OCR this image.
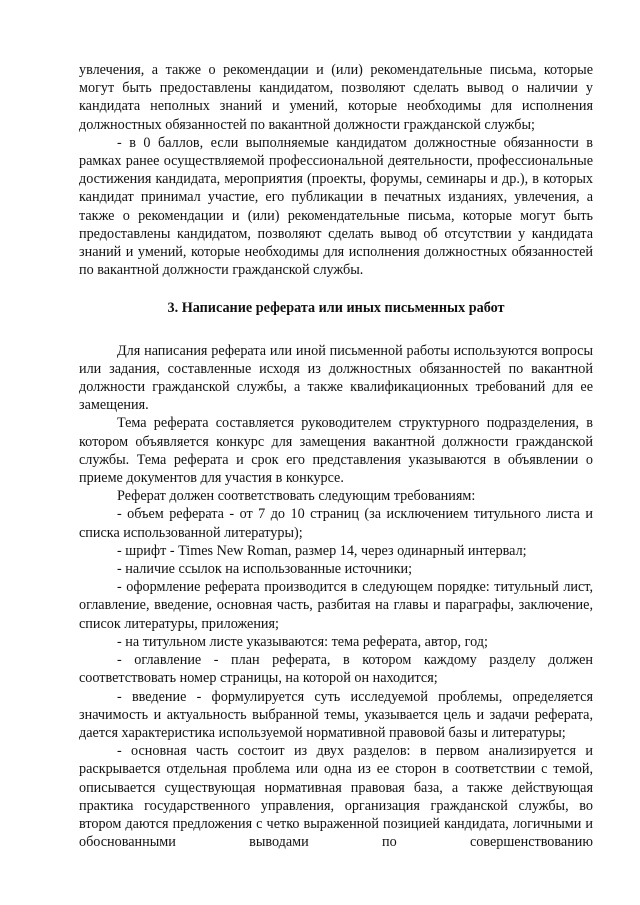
увлечения, а также о рекомендации и (или) рекомендательные письма, которые могут быть предоставлены кандидатом, позволяют сделать вывод о наличии у кандидата неполных знаний и умений, которые необходимы для исполнения должностных обязанностей по вакантной должности гражданской службы;

- в 0 баллов, если выполняемые кандидатом должностные обязанности в рамках ранее осуществляемой профессиональной деятельности, профессиональные достижения кандидата, мероприятия (проекты, форумы, семинары и др.), в которых кандидат принимал участие, его публикации в печатных изданиях, увлечения, а также о рекомендации и (или) рекомендательные письма, которые могут быть предоставлены кандидатом, позволяют сделать вывод об отсутствии у кандидата знаний и умений, которые необходимы для исполнения должностных обязанностей по вакантной должности гражданской службы.

3. Написание реферата или иных письменных работ

Для написания реферата или иной письменной работы используются вопросы или задания, составленные исходя из должностных обязанностей по вакантной должности гражданской службы, а также квалификационных требований для ее замещения.

Тема реферата составляется руководителем структурного подразделения, в котором объявляется конкурс для замещения вакантной должности гражданской службы. Тема реферата и срок его представления указываются в объявлении о приеме документов для участия в конкурсе.

Реферат должен соответствовать следующим требованиям:

- объем реферата - от 7 до 10 страниц (за исключением титульного листа и списка использованной литературы);

- шрифт - Times New Roman, размер 14, через одинарный интервал;

- наличие ссылок на использованные источники;

- оформление реферата производится в следующем порядке: титульный лист, оглавление, введение, основная часть, разбитая на главы и параграфы, заключение, список литературы, приложения;

- на титульном листе указываются: тема реферата, автор, год;

- оглавление - план реферата, в котором каждому разделу должен соответствовать номер страницы, на которой он находится;

- введение - формулируется суть исследуемой проблемы, определяется значимость и актуальность выбранной темы, указывается цель и задачи реферата, дается характеристика используемой нормативной правовой базы и литературы;

- основная часть состоит из двух разделов: в первом анализируется и раскрывается отдельная проблема или одна из ее сторон в соответствии с темой, описывается существующая нормативная правовая база, а также действующая практика государственного управления, организация гражданской службы, во втором даются предложения с четко выраженной позицией кандидата, логичными и обоснованными выводами по совершенствованию
